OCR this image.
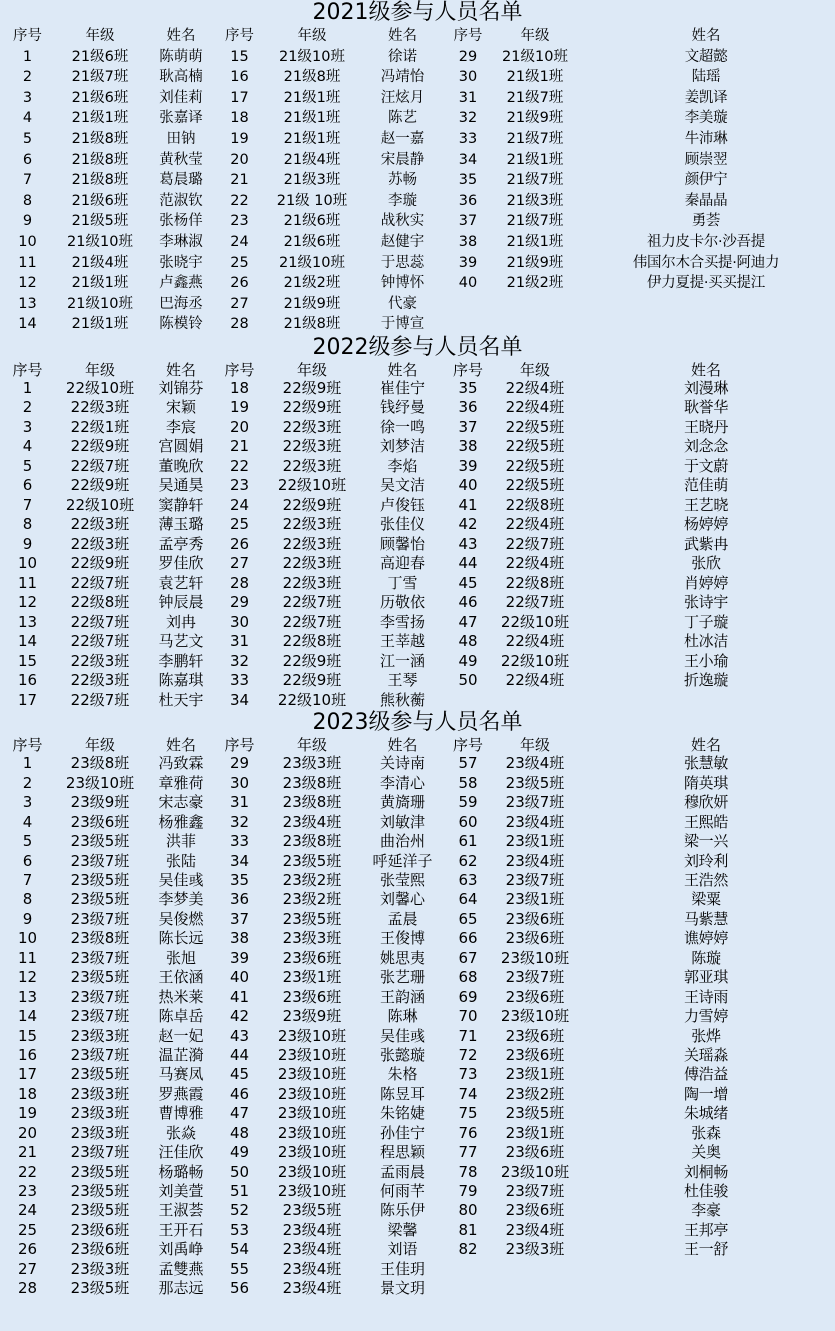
2021级参与人员名单
序号	年级	姓名	序号	年级	姓名	序号	年级	姓名
1	21级6班	陈萌萌	15	21级10班	徐诺	29	21级10班	文超懿
2	21级7班	耿高楠	16	21级8班	冯靖怡	30	21级1班	陆瑶
3	21级6班	刘佳莉	17	21级1班	汪炫月	31	21级7班	姜凯译
4	21级1班	张嘉译	18	21级1班	陈艺	32	21级9班	李美璇
5	21级8班	田钠	19	21级1班	赵一嘉	33	21级7班	牛沛琳
6	21级8班	黄秋莹	20	21级4班	宋晨静	34	21级1班	顾崇翌
7	21级8班	葛晨璐	21	21级3班	苏畅	35	21级7班	颜伊宁
8	21级6班	范淑钦	22	21级 10班	李璇	36	21级3班	秦晶晶
9	21级5班	张杨佯	23	21级6班	战秋实	37	21级7班	勇荟
10	21级10班	李琳淑	24	21级6班	赵健宇	38	21级1班	祖力皮卡尔·沙吾提
11	21级4班	张晓宇	25	21级10班	于思蕊	39	21级9班	伟国尔木合买提·阿迪力
12	21级1班	卢鑫燕	26	21级2班	钟博怀	40	21级2班	伊力夏提·买买提江
13	21级10班	巴海丞	27	21级9班	代豪
14	21级1班	陈模铃	28	21级8班	于博宣
2022级参与人员名单
序号	年级	姓名	序号	年级	姓名	序号	年级	姓名
1	22级10班	刘锦芬	18	22级9班	崔佳宁	35	22级4班	刘漫琳
2	22级3班	宋颖	19	22级9班	钱纾曼	36	22级4班	耿誉华
3	22级1班	李宸	20	22级3班	徐一鸣	37	22级5班	王晓丹
4	22级9班	宫圆娟	21	22级3班	刘梦洁	38	22级5班	刘念念
5	22级7班	董晚欣	22	22级3班	李焰	39	22级5班	于文蔚
6	22级9班	吴通昊	23	22级10班	吴文洁	40	22级5班	范佳萌
7	22级10班	窦静轩	24	22级9班	卢俊钰	41	22级8班	王艺晓
8	22级3班	薄玉璐	25	22级3班	张佳仪	42	22级4班	杨婷婷
9	22级3班	孟亭秀	26	22级3班	顾馨怡	43	22级7班	武紫冉
10	22级9班	罗佳欣	27	22级3班	高迎春	44	22级4班	张欣
11	22级7班	袁艺轩	28	22级3班	丁雪	45	22级8班	肖婷婷
12	22级8班	钟辰晨	29	22级7班	历敬依	46	22级7班	张诗宇
13	22级7班	刘冉	30	22级7班	李雪扬	47	22级10班	丁子璇
14	22级7班	马艺文	31	22级8班	王莘越	48	22级4班	杜冰洁
15	22级3班	李鹏轩	32	22级9班	江一涵	49	22级10班	王小瑜
16	22级3班	陈嘉琪	33	22级9班	王琴	50	22级4班	折逸璇
17	22级7班	杜天宇	34	22级10班	熊秋蘅
2023级参与人员名单
序号	年级	姓名	序号	年级	姓名	序号	年级	姓名
1	23级8班	冯致霖	29	23级3班	关诗南	57	23级4班	张慧敏
2	23级10班	章雅荷	30	23级8班	李清心	58	23级5班	隋英琪
3	23级9班	宋志豪	31	23级8班	黄旖珊	59	23级7班	穆欣妍
4	23级6班	杨雅鑫	32	23级4班	刘敏津	60	23级4班	王熙皓
5	23级5班	洪菲	33	23级8班	曲治州	61	23级1班	梁一兴
6	23级7班	张陆	34	23级5班	呼延洋子	62	23级4班	刘玲利
7	23级5班	吴佳彧	35	23级2班	张莹熙	63	23级7班	王浩然
8	23级5班	李梦美	36	23级2班	刘馨心	64	23级1班	梁粟
9	23级7班	吴俊燃	37	23级5班	孟晨	65	23级6班	马紫慧
10	23级8班	陈长远	38	23级3班	王俊博	66	23级6班	谯婷婷
11	23级7班	张旭	39	23级6班	姚思夷	67	23级10班	陈璇
12	23级5班	王依涵	40	23级1班	张艺珊	68	23级7班	郭亚琪
13	23级7班	热米莱	41	23级6班	王韵涵	69	23级6班	王诗雨
14	23级7班	陈卓岳	42	23级9班	陈琳	70	23级10班	力雪婷
15	23级3班	赵一妃	43	23级10班	吴佳彧	71	23级6班	张烨
16	23级7班	温芷漪	44	23级10班	张懿璇	72	23级6班	关瑶淼
17	23级5班	马赛凤	45	23级10班	朱格	73	23级1班	傅浩益
18	23级3班	罗燕霞	46	23级10班	陈昱耳	74	23级2班	陶一增
19	23级3班	曹博雅	47	23级10班	朱铭婕	75	23级5班	朱城绪
20	23级3班	张焱	48	23级10班	孙佳宁	76	23级1班	张森
21	23级7班	汪佳欣	49	23级10班	程思颖	77	23级6班	关奥
22	23级5班	杨璐畅	50	23级10班	孟雨晨	78	23级10班	刘桐畅
23	23级5班	刘美萱	51	23级10班	何雨芊	79	23级7班	杜佳骏
24	23级5班	王淑荟	52	23级5班	陈乐伊	80	23级6班	李豪
25	23级6班	王开石	53	23级4班	梁馨	81	23级4班	王邦亭
26	23级6班	刘禹峥	54	23级4班	刘语	82	23级3班	王一舒
27	23级3班	孟雙燕	55	23级4班	王佳玥
28	23级5班	那志远	56	23级4班	景文玥
